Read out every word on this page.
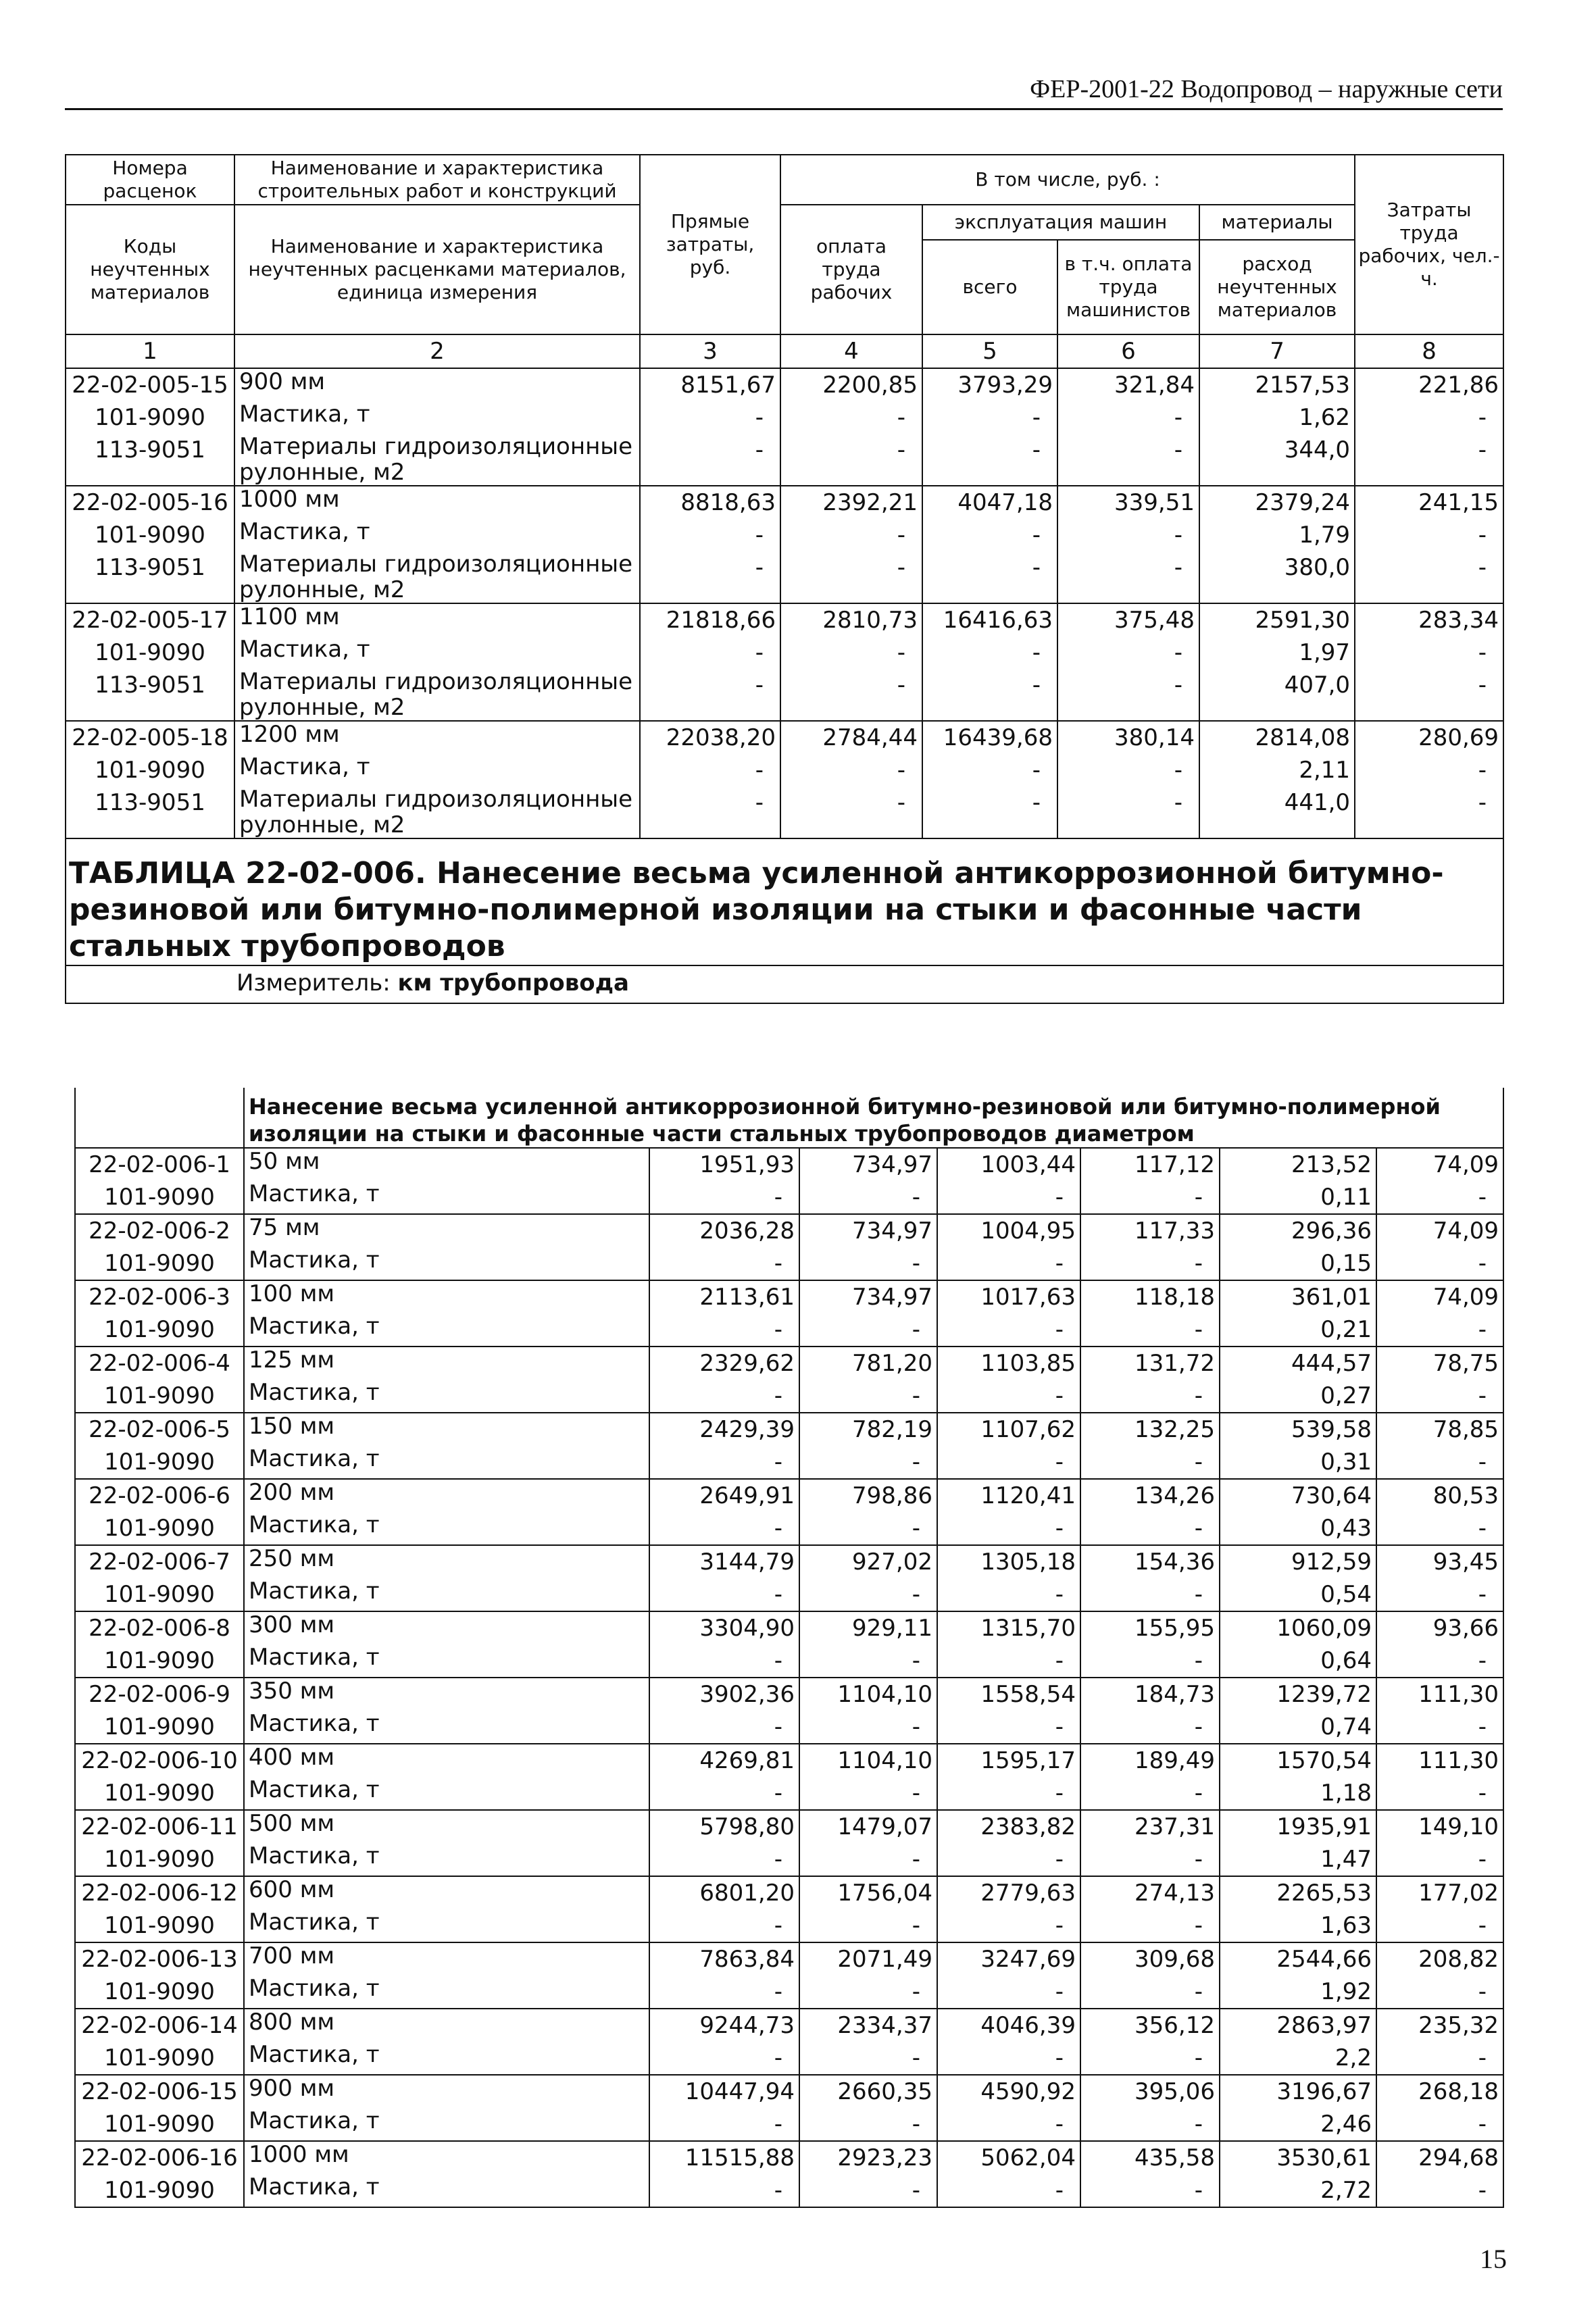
ФЕР-2001-22 Водопровод – наружные сети
Номера расценок	Наименование и характеристика строительных работ и конструкций	Прямые затраты, руб.	В том числе, руб. :				Затраты труда рабочих, чел.-ч.
Коды неучтенных материалов	Наименование и характеристика неучтенных расценками материалов, единица измерения		оплата труда рабочих	эксплуатация машин		материалы	
				всего	в т.ч. оплата труда машинистов	расход неучтенных материалов	
1	2	3	4	5	6	7	8
22-02-005-15	900 мм	8151,67	2200,85	3793,29	321,84	2157,53	221,86
101-9090	Мастика, т	-	-	-	-	1,62	-
113-9051	Материалы гидроизоляционные рулонные, м2	-	-	-	-	344,0	-
22-02-005-16	1000 мм	8818,63	2392,21	4047,18	339,51	2379,24	241,15
101-9090	Мастика, т	-	-	-	-	1,79	-
113-9051	Материалы гидроизоляционные рулонные, м2	-	-	-	-	380,0	-
22-02-005-17	1100 мм	21818,66	2810,73	16416,63	375,48	2591,30	283,34
101-9090	Мастика, т	-	-	-	-	1,97	-
113-9051	Материалы гидроизоляционные рулонные, м2	-	-	-	-	407,0	-
22-02-005-18	1200 мм	22038,20	2784,44	16439,68	380,14	2814,08	280,69
101-9090	Мастика, т	-	-	-	-	2,11	-
113-9051	Материалы гидроизоляционные рулонные, м2	-	-	-	-	441,0	-
ТАБЛИЦА 22-02-006. Нанесение весьма усиленной антикоррозионной битумно-резиновой или битумно-полимерной изоляции на стыки и фасонные части стальных трубопроводов							
Измеритель: км трубопровода							
	Нанесение весьма усиленной антикоррозионной битумно-резиновой или битумно-полимерной изоляции на стыки и фасонные части стальных трубопроводов диаметром						
22-02-006-1	50 мм	1951,93	734,97	1003,44	117,12	213,52	74,09
101-9090	Мастика, т	-	-	-	-	0,11	-
22-02-006-2	75 мм	2036,28	734,97	1004,95	117,33	296,36	74,09
101-9090	Мастика, т	-	-	-	-	0,15	-
22-02-006-3	100 мм	2113,61	734,97	1017,63	118,18	361,01	74,09
101-9090	Мастика, т	-	-	-	-	0,21	-
22-02-006-4	125 мм	2329,62	781,20	1103,85	131,72	444,57	78,75
101-9090	Мастика, т	-	-	-	-	0,27	-
22-02-006-5	150 мм	2429,39	782,19	1107,62	132,25	539,58	78,85
101-9090	Мастика, т	-	-	-	-	0,31	-
22-02-006-6	200 мм	2649,91	798,86	1120,41	134,26	730,64	80,53
101-9090	Мастика, т	-	-	-	-	0,43	-
22-02-006-7	250 мм	3144,79	927,02	1305,18	154,36	912,59	93,45
101-9090	Мастика, т	-	-	-	-	0,54	-
22-02-006-8	300 мм	3304,90	929,11	1315,70	155,95	1060,09	93,66
101-9090	Мастика, т	-	-	-	-	0,64	-
22-02-006-9	350 мм	3902,36	1104,10	1558,54	184,73	1239,72	111,30
101-9090	Мастика, т	-	-	-	-	0,74	-
22-02-006-10	400 мм	4269,81	1104,10	1595,17	189,49	1570,54	111,30
101-9090	Мастика, т	-	-	-	-	1,18	-
22-02-006-11	500 мм	5798,80	1479,07	2383,82	237,31	1935,91	149,10
101-9090	Мастика, т	-	-	-	-	1,47	-
22-02-006-12	600 мм	6801,20	1756,04	2779,63	274,13	2265,53	177,02
101-9090	Мастика, т	-	-	-	-	1,63	-
22-02-006-13	700 мм	7863,84	2071,49	3247,69	309,68	2544,66	208,82
101-9090	Мастика, т	-	-	-	-	1,92	-
22-02-006-14	800 мм	9244,73	2334,37	4046,39	356,12	2863,97	235,32
101-9090	Мастика, т	-	-	-	-	2,2	-
22-02-006-15	900 мм	10447,94	2660,35	4590,92	395,06	3196,67	268,18
101-9090	Мастика, т	-	-	-	-	2,46	-
22-02-006-16	1000 мм	11515,88	2923,23	5062,04	435,58	3530,61	294,68
101-9090	Мастика, т	-	-	-	-	2,72	-
15
